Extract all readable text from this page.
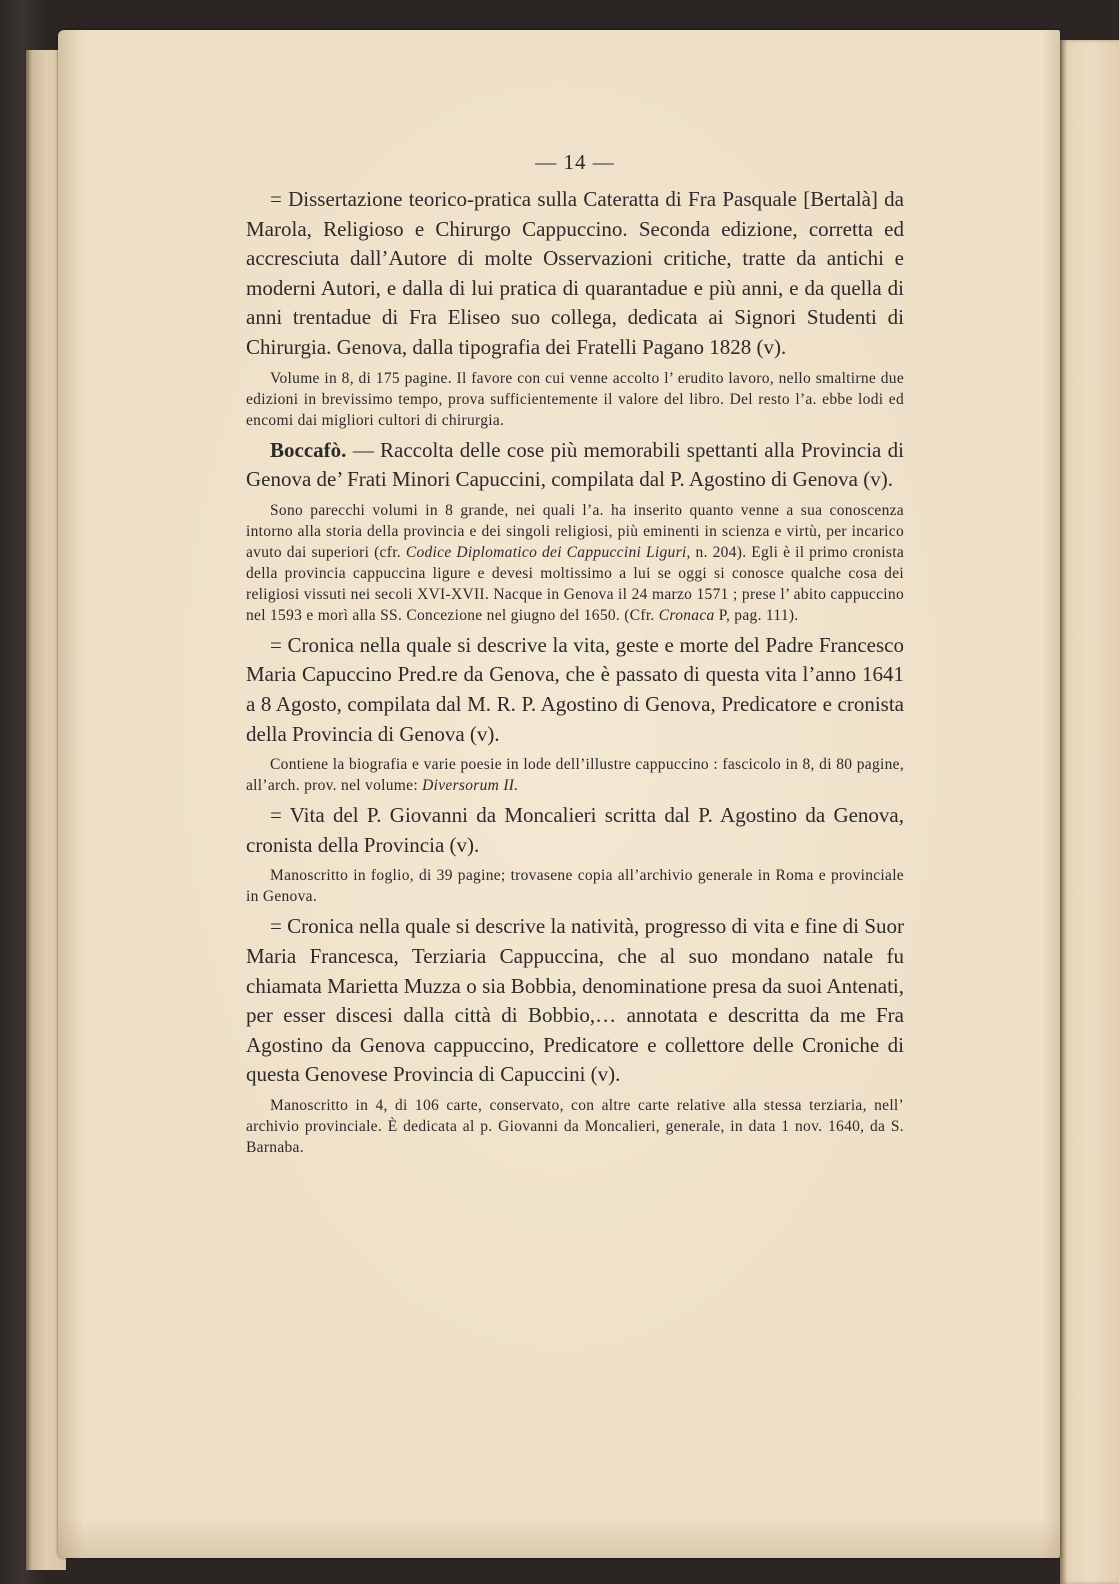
— 14 —

= Dissertazione teorico-pratica sulla Cateratta di Fra Pasquale [Bertalà] da Marola, Religioso e Chirurgo Cappuccino. Seconda edizione, corretta ed accresciuta dall’Autore di molte Osservazioni critiche, tratte da antichi e moderni Autori, e dalla di lui pratica di quarantadue e più anni, e da quella di anni trentadue di Fra Eliseo suo collega, dedicata ai Signori Studenti di Chirurgia. Genova, dalla tipografia dei Fratelli Pagano 1828 (v).

Volume in 8, di 175 pagine. Il favore con cui venne accolto l’ erudito lavoro, nello smaltirne due edizioni in brevissimo tempo, prova sufficientemente il valore del libro. Del resto l’a. ebbe lodi ed encomi dai migliori cultori di chirurgia.

Boccafò. — Raccolta delle cose più memorabili spettanti alla Provincia di Genova de’ Frati Minori Capuccini, compilata dal P. Agostino di Genova (v).

Sono parecchi volumi in 8 grande, nei quali l’a. ha inserito quanto venne a sua conoscenza intorno alla storia della provincia e dei singoli religiosi, più eminenti in scienza e virtù, per incarico avuto dai superiori (cfr. Codice Diplomatico dei Cappuccini Liguri, n. 204). Egli è il primo cronista della provincia cappuccina ligure e devesi moltissimo a lui se oggi si conosce qualche cosa dei religiosi vissuti nei secoli XVI-XVII. Nacque in Genova il 24 marzo 1571 ; prese l’ abito cappuccino nel 1593 e morì alla SS. Concezione nel giugno del 1650. (Cfr. Cronaca P, pag. 111).

= Cronica nella quale si descrive la vita, geste e morte del Padre Francesco Maria Capuccino Pred.re da Genova, che è passato di questa vita l’anno 1641 a 8 Agosto, compilata dal M. R. P. Agostino di Genova, Predicatore e cronista della Provincia di Genova (v).

Contiene la biografia e varie poesie in lode dell’illustre cappuccino : fascicolo in 8, di 80 pagine, all’arch. prov. nel volume: Diversorum II.

= Vita del P. Giovanni da Moncalieri scritta dal P. Agostino da Genova, cronista della Provincia (v).

Manoscritto in foglio, di 39 pagine; trovasene copia all’archivio generale in Roma e provinciale in Genova.

= Cronica nella quale si descrive la natività, progresso di vita e fine di Suor Maria Francesca, Terziaria Cappuccina, che al suo mondano natale fu chiamata Marietta Muzza o sia Bobbia, denominatione presa da suoi Antenati, per esser discesi dalla città di Bobbio,… annotata e descritta da me Fra Agostino da Genova cappuccino, Predicatore e collettore delle Croniche di questa Genovese Provincia di Capuccini (v).

Manoscritto in 4, di 106 carte, conservato, con altre carte relative alla stessa terziaria, nell’ archivio provinciale. È dedicata al p. Giovanni da Moncalieri, generale, in data 1 nov. 1640, da S. Barnaba.
